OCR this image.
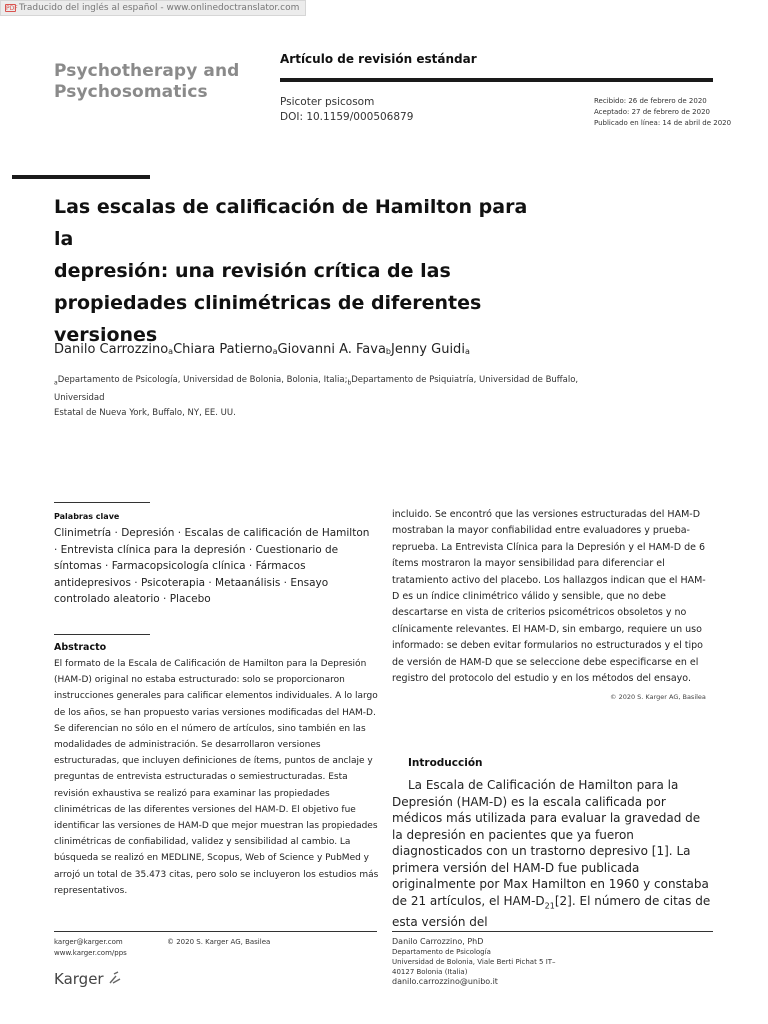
PDF Traducido del inglés al español - www.onlinedoctranslator.com
Psychotherapy and
Psychosomatics
Artículo de revisión estándar
Psicoter psicosom
DOI: 10.1159/000506879
Recibido: 26 de febrero de 2020
Aceptado: 27 de febrero de 2020
Publicado en línea: 14 de abril de 2020
Las escalas de calificación de Hamilton para la
depresión: una revisión crítica de las
propiedades clinimétricas de diferentes
versiones
Danilo Carrozzino$_a$Chiara Patierno$_a$Giovanni A. Fava$_b$Jenny Guidi$_a$
$_a$Departamento de Psicología, Universidad de Bolonia, Bolonia, $Italia;_bDepartamento$ de Psiquiatría, Universidad de Buffalo, Universidad
Estatal de Nueva York, Buffalo, NY, EE. UU.
Palabras clave
Clinimetría · Depresión · Escalas de calificación de Hamilton · Entrevista clínica para la depresión · Cuestionario de síntomas · Farmacopsicología clínica · Fármacos antidepresivos · Psicoterapia · Metaanálisis · Ensayo controlado aleatorio · Placebo
Abstracto
El formato de la Escala de Calificación de Hamilton para la Depresión (HAM-D) original no estaba estructurado: solo se proporcionaron instrucciones generales para calificar elementos individuales. A lo largo de los años, se han propuesto varias versiones modificadas del HAM-D. Se diferencian no sólo en el número de artículos, sino también en las modalidades de administración. Se desarrollaron versiones estructuradas, que incluyen definiciones de ítems, puntos de anclaje y preguntas de entrevista estructuradas o semiestructuradas. Esta revisión exhaustiva se realizó para examinar las propiedades clinimétricas de las diferentes versiones del HAM-D. El objetivo fue identificar las versiones de HAM-D que mejor muestran las propiedades clinimétricas de confiabilidad, validez y sensibilidad al cambio. La búsqueda se realizó en MEDLINE, Scopus, Web of Science y PubMed y arrojó un total de 35.473 citas, pero solo se incluyeron los estudios más representativos.
incluido. Se encontró que las versiones estructuradas del HAM-D mostraban la mayor confiabilidad entre evaluadores y prueba-reprueba. La Entrevista Clínica para la Depresión y el HAM-D de 6 ítems mostraron la mayor sensibilidad para diferenciar el tratamiento activo del placebo. Los hallazgos indican que el HAM-D es un índice clinimétrico válido y sensible, que no debe descartarse en vista de criterios psicométricos obsoletos y no clínicamente relevantes. El HAM-D, sin embargo, requiere un uso informado: se deben evitar formularios no estructurados y el tipo de versión de HAM-D que se seleccione debe especificarse en el registro del protocolo del estudio y en los métodos del ensayo.
© 2020 S. Karger AG, Basilea
Introducción
La Escala de Calificación de Hamilton para la Depresión (HAM-D) es la escala calificada por médicos más utilizada para evaluar la gravedad de la depresión en pacientes que ya fueron diagnosticados con un trastorno depresivo [1]. La primera versión del HAM-D fue publicada originalmente por Max Hamilton en 1960 y constaba de 21 artículos, el HAM-$D_{21}[2]$. El número de citas de esta versión del
karger@karger.com
www.karger.com/pps
© 2020 S. Karger AG, Basilea
Karger
Danilo Carrozzino, PhD
Departamento de Psicología
Universidad de Bolonia, Viale Berti Pichat 5 IT–
40127 Bolonia (Italia)
danilo.carrozzino@unibo.it
